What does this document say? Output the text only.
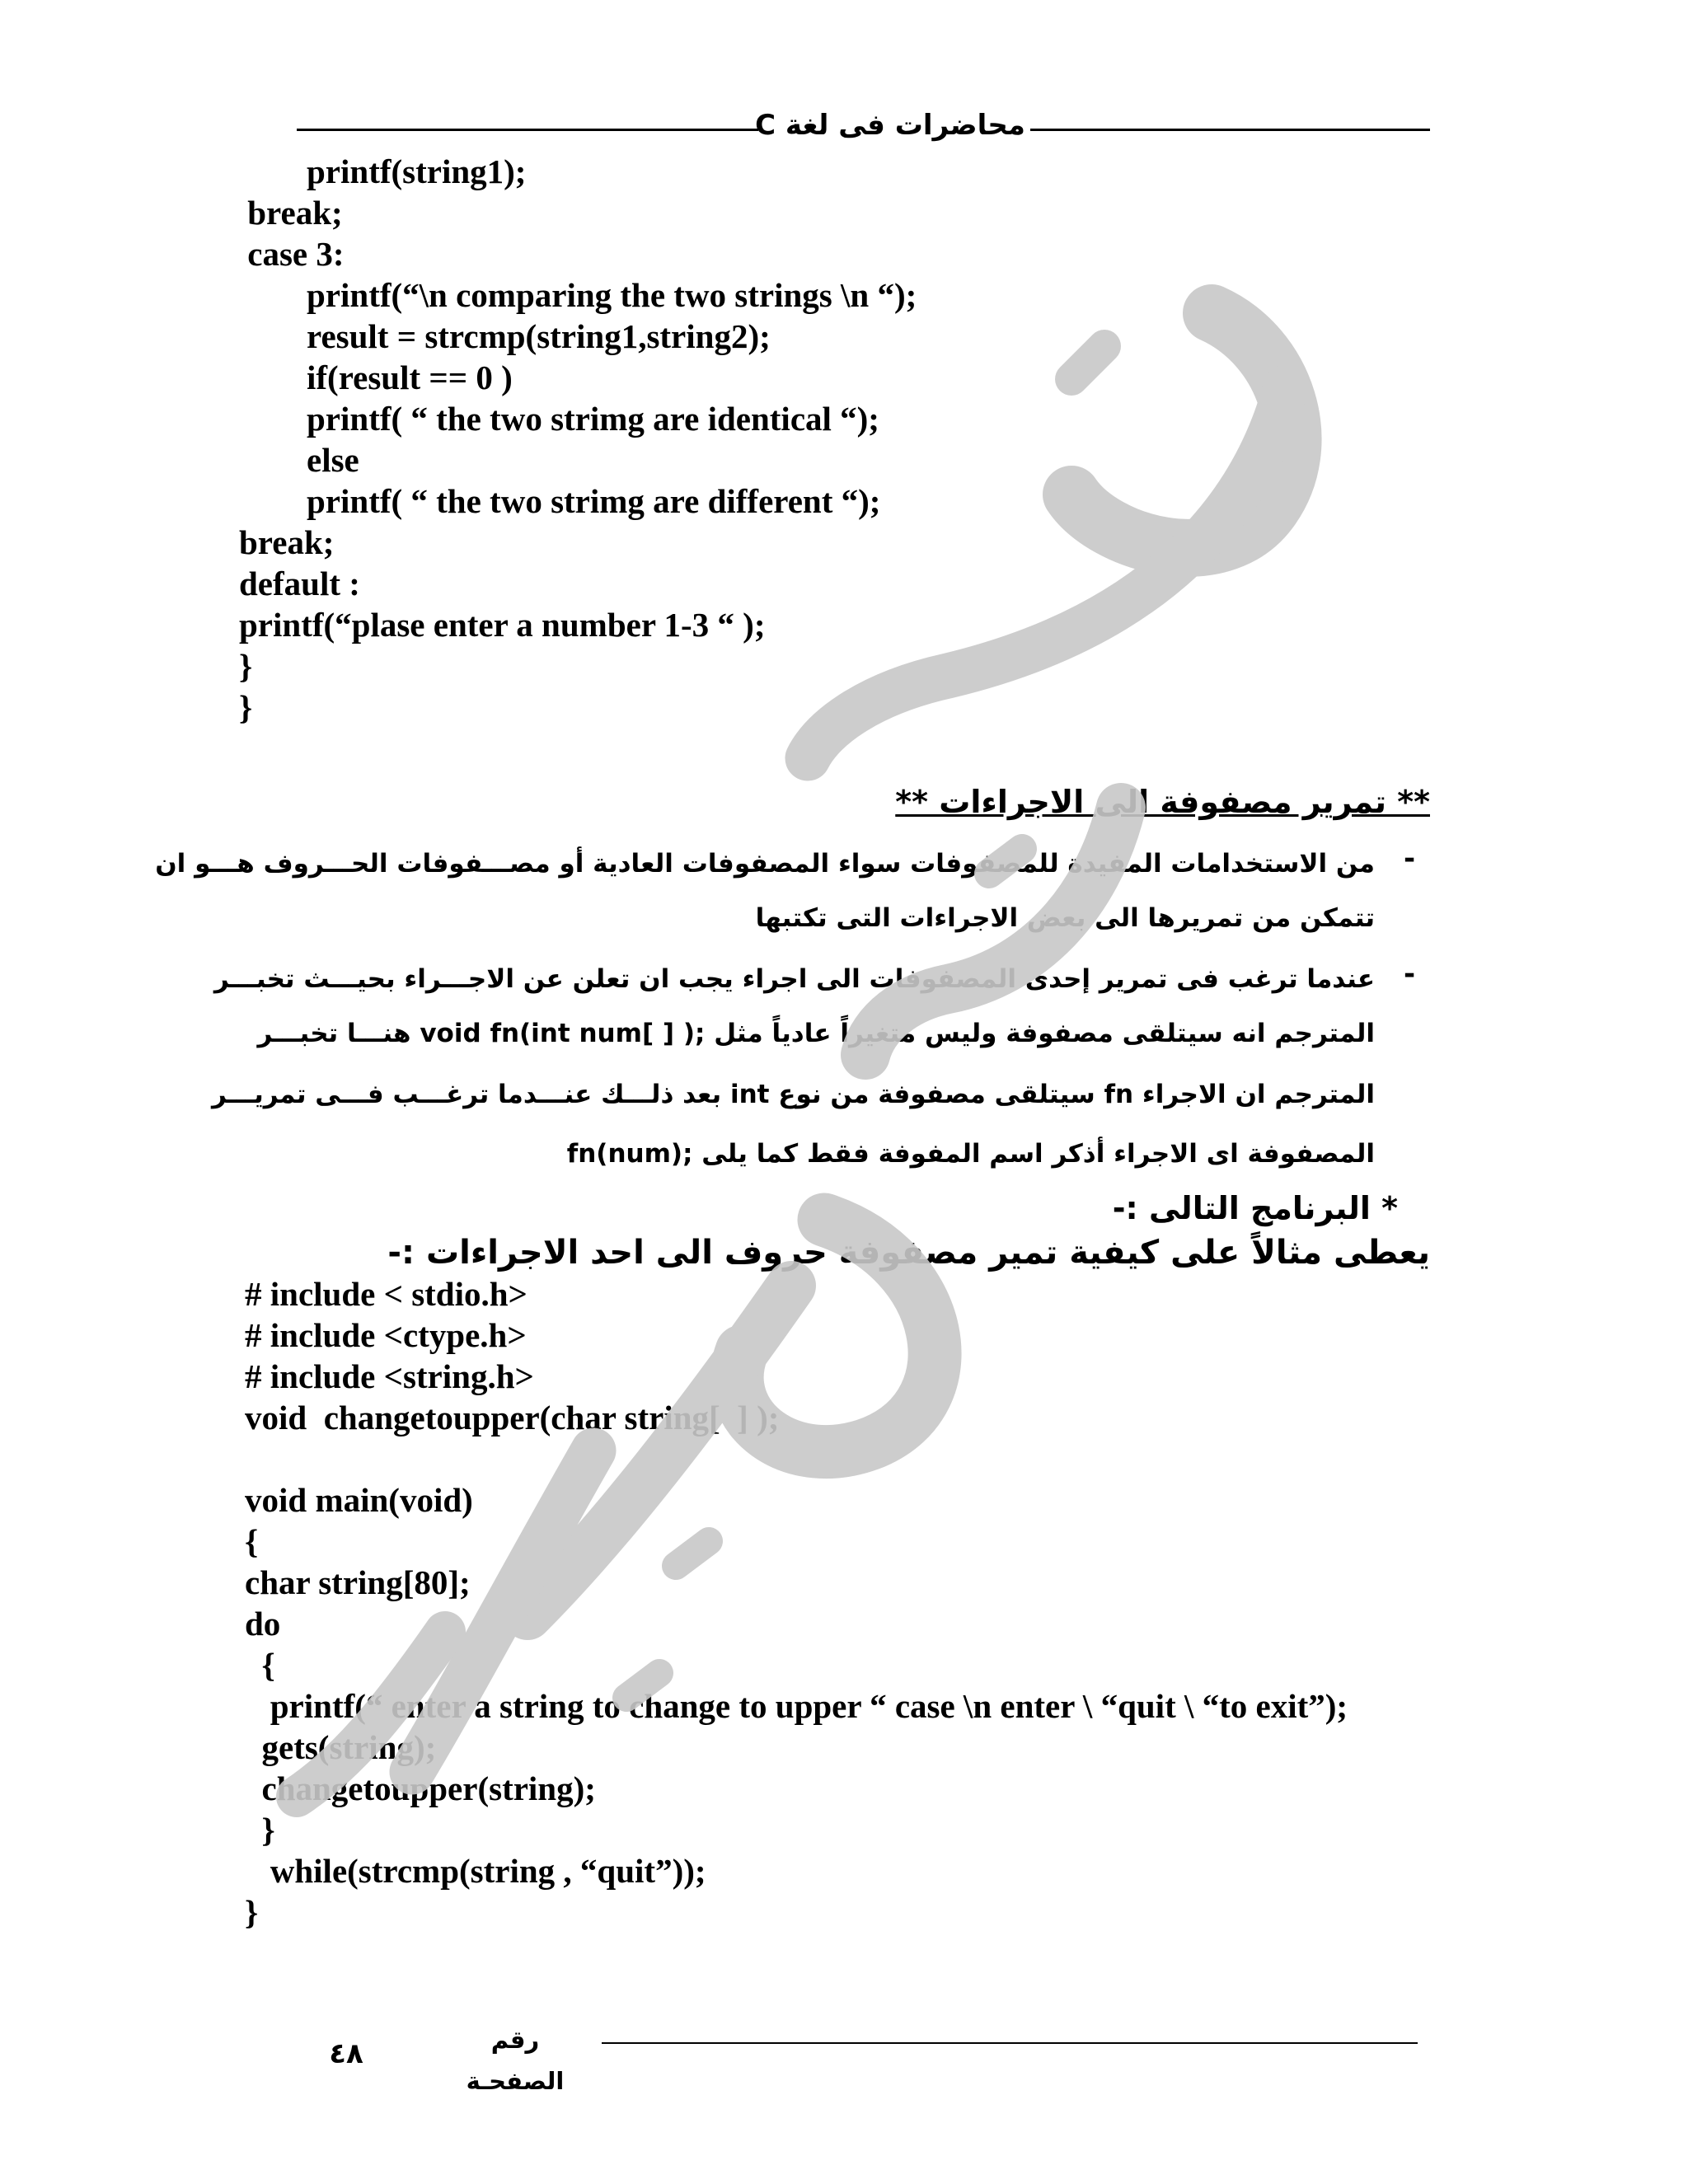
محاضرات فى لغة C
printf(string1);
break;
case 3:
printf(“\n comparing the two strings \n “);
result = strcmp(string1,string2);
if(result == 0 )
printf( “ the two strimg are identical “);
else
printf( “ the two strimg are different “);
break;
default :
printf(“plase enter a number 1-3 “ );
}
}
** تمرير مصفوفة الى الاجراءات **
-
من الاستخدامات المفيدة للمصفوفات سواء المصفوفات العادية أو مصـــفوفات الحـــروف هـــو ان
تتمكن من تمريرها الى بعض الاجراءات التى تكتبها
-
عندما ترغب فى تمرير إحدى المصفوفات الى اجراء يجب ان تعلن عن الاجـــراء بحيـــث تخبـــر
المترجم انه سيتلقى مصفوفة وليس متغيراً عادياً مثل ;( [ ]void fn(int num هنـــا تخبـــر
المترجم ان الاجراء fn سيتلقى مصفوفة من نوع int بعد ذلـــك عنـــدما ترغـــب فـــى تمريـــر
المصفوفة اى الاجراء أذكر اسم المفوفة فقط كما يلى ;fn(num)
* البرنامج التالى :-
يعطى مثالاً على كيفية تمير مصفوفة حروف الى احد الاجراءات :-
# include < stdio.h>
# include <ctype.h>
# include <string.h>
void  changetoupper(char string[  ] );

void main(void)
{
char string[80];
do
{
printf(“ enter a string to change to upper “ case \n enter \ “quit \ “to exit”);
gets(string);
changetoupper(string);
}
while(strcmp(string , “quit”));
}
رقم الصفحـة
٤٨
